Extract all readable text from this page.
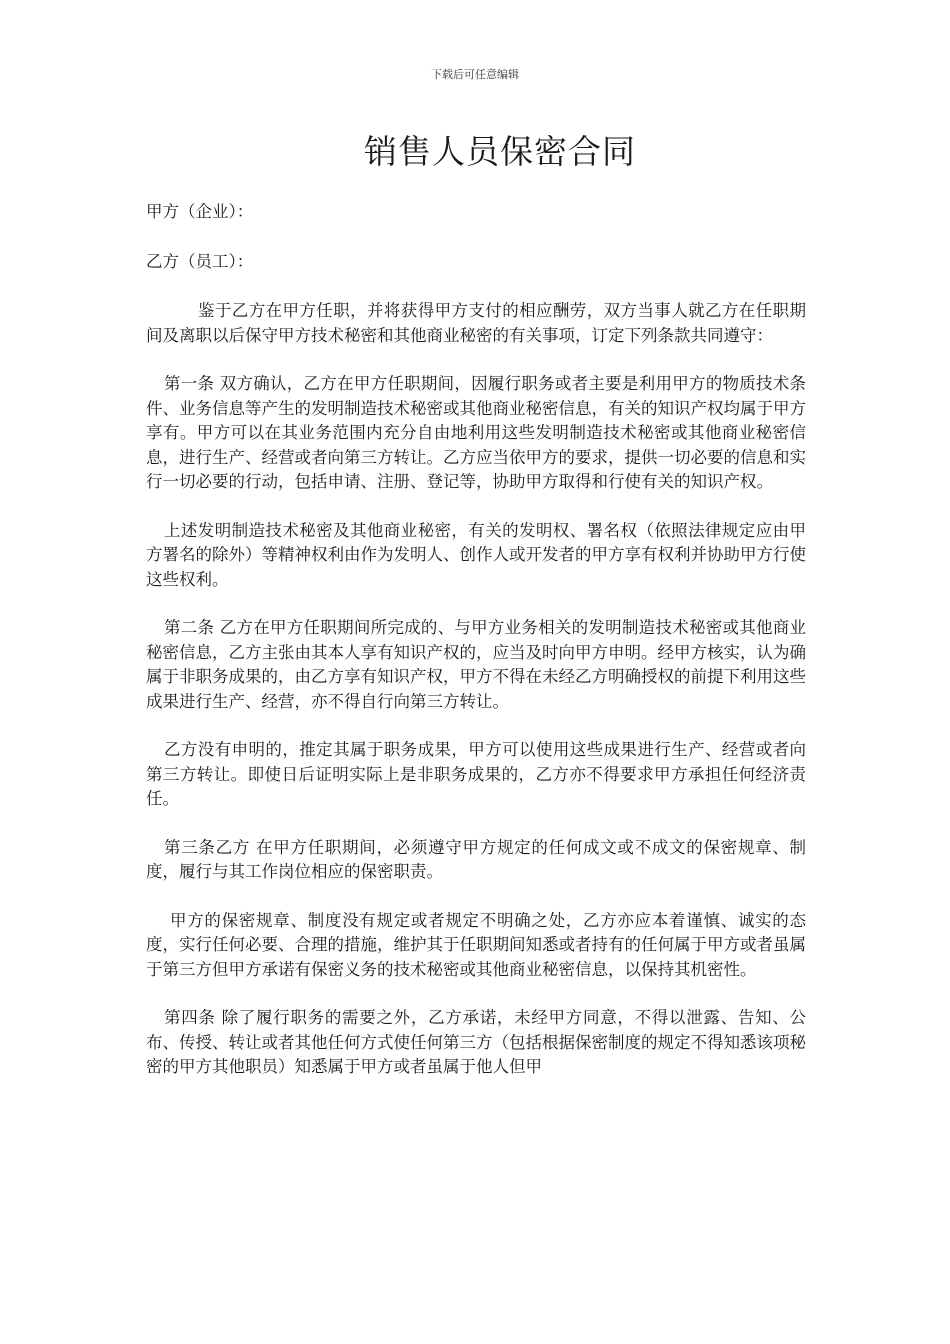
下载后可任意编辑
销售人员保密合同

甲方（企业）：

乙方（员工）：

鉴于乙方在甲方任职，并将获得甲方支付的相应酬劳，双方当事人就乙方在任职期间及离职以后保守甲方技术秘密和其他商业秘密的有关事项，订定下列条款共同遵守：

第一条 双方确认，乙方在甲方任职期间，因履行职务或者主要是利用甲方的物质技术条件、业务信息等产生的发明制造技术秘密或其他商业秘密信息，有关的知识产权均属于甲方享有。甲方可以在其业务范围内充分自由地利用这些发明制造技术秘密或其他商业秘密信息，进行生产、经营或者向第三方转让。乙方应当依甲方的要求，提供一切必要的信息和实行一切必要的行动，包括申请、注册、登记等，协助甲方取得和行使有关的知识产权。

上述发明制造技术秘密及其他商业秘密，有关的发明权、署名权（依照法律规定应由甲方署名的除外）等精神权利由作为发明人、创作人或开发者的甲方享有权利并协助甲方行使这些权利。

第二条 乙方在甲方任职期间所完成的、与甲方业务相关的发明制造技术秘密或其他商业秘密信息，乙方主张由其本人享有知识产权的，应当及时向甲方申明。经甲方核实，认为确属于非职务成果的，由乙方享有知识产权，甲方不得在未经乙方明确授权的前提下利用这些成果进行生产、经营，亦不得自行向第三方转让。

乙方没有申明的，推定其属于职务成果，甲方可以使用这些成果进行生产、经营或者向第三方转让。即使日后证明实际上是非职务成果的，乙方亦不得要求甲方承担任何经济责任。

第三条乙方 在甲方任职期间，必须遵守甲方规定的任何成文或不成文的保密规章、制度，履行与其工作岗位相应的保密职责。

甲方的保密规章、制度没有规定或者规定不明确之处，乙方亦应本着谨慎、诚实的态度，实行任何必要、合理的措施，维护其于任职期间知悉或者持有的任何属于甲方或者虽属于第三方但甲方承诺有保密义务的技术秘密或其他商业秘密信息，以保持其机密性。

第四条 除了履行职务的需要之外，乙方承诺，未经甲方同意，不得以泄露、告知、公布、传授、转让或者其他任何方式使任何第三方（包括根据保密制度的规定不得知悉该项秘密的甲方其他职员）知悉属于甲方或者虽属于他人但甲
